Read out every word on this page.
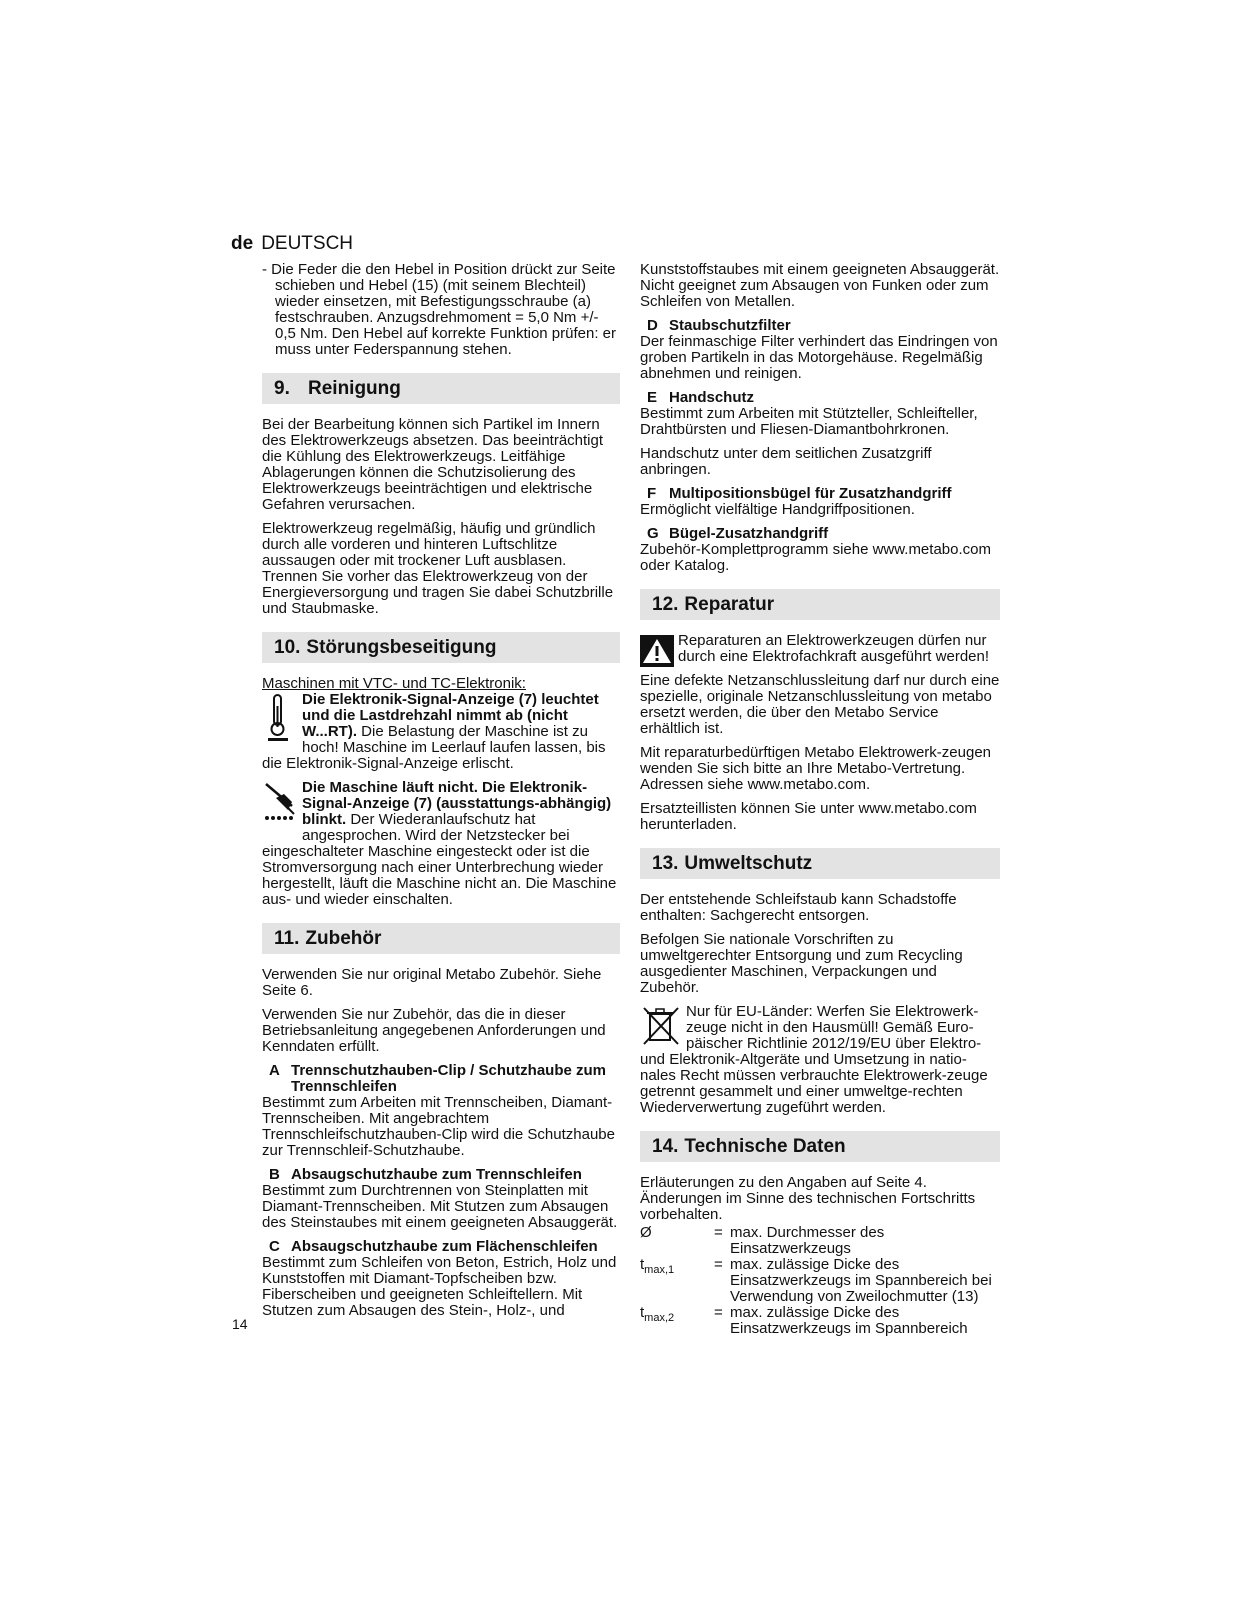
de DEUTSCH

- Die Feder die den Hebel in Position drückt zur Seite schieben und Hebel (15) (mit seinem Blechteil) wieder einsetzen, mit Befestigungsschraube (a) festschrauben. Anzugsdrehmoment = 5,0 Nm +/- 0,5 Nm. Den Hebel auf korrekte Funktion prüfen: er muss unter Federspannung stehen.

9. Reinigung

Bei der Bearbeitung können sich Partikel im Innern des Elektrowerkzeugs absetzen. Das beeinträchtigt die Kühlung des Elektrowerkzeugs. Leitfähige Ablagerungen können die Schutzisolierung des Elektrowerkzeugs beeinträchtigen und elektrische Gefahren verursachen.

Elektrowerkzeug regelmäßig, häufig und gründlich durch alle vorderen und hinteren Luftschlitze aussaugen oder mit trockener Luft ausblasen. Trennen Sie vorher das Elektrowerkzeug von der Energieversorgung und tragen Sie dabei Schutzbrille und Staubmaske.

10. Störungsbeseitigung

Maschinen mit VTC- und TC-Elektronik:

Die Elektronik-Signal-Anzeige (7) leuchtet und die Lastdrehzahl nimmt ab (nicht W...RT). Die Belastung der Maschine ist zu hoch! Maschine im Leerlauf laufen lassen, bis die Elektronik-Signal-Anzeige erlischt.
Die Maschine läuft nicht. Die Elektronik-Signal-Anzeige (7) (ausstattungs-abhängig) blinkt. Der Wiederanlaufschutz hat angesprochen. Wird der Netzstecker bei eingeschalteter Maschine eingesteckt oder ist die Stromversorgung nach einer Unterbrechung wieder hergestellt, läuft die Maschine nicht an. Die Maschine aus- und wieder einschalten.
11. Zubehör

Verwenden Sie nur original Metabo Zubehör. Siehe Seite 6.

Verwenden Sie nur Zubehör, das die in dieser Betriebsanleitung angegebenen Anforderungen und Kenndaten erfüllt.

A Trennschutzhauben-Clip / Schutzhaube zum Trennschleifen

Bestimmt zum Arbeiten mit Trennscheiben, Diamant-Trennscheiben. Mit angebrachtem Trennschleifschutzhauben-Clip wird die Schutzhaube zur Trennschleif-Schutzhaube.

B Absaugschutzhaube zum Trennschleifen

Bestimmt zum Durchtrennen von Steinplatten mit Diamant-Trennscheiben. Mit Stutzen zum Absaugen des Steinstaubes mit einem geeigneten Absauggerät.

C Absaugschutzhaube zum Flächenschleifen

Bestimmt zum Schleifen von Beton, Estrich, Holz und Kunststoffen mit Diamant-Topfscheiben bzw. Fiberscheiben und geeigneten Schleiftellern. Mit Stutzen zum Absaugen des Stein-, Holz-, und

Kunststoffstaubes mit einem geeigneten Absauggerät. Nicht geeignet zum Absaugen von Funken oder zum Schleifen von Metallen.

D Staubschutzfilter

Der feinmaschige Filter verhindert das Eindringen von groben Partikeln in das Motorgehäuse. Regelmäßig abnehmen und reinigen.

E Handschutz

Bestimmt zum Arbeiten mit Stützteller, Schleifteller, Drahtbürsten und Fliesen-Diamantbohrkronen.

Handschutz unter dem seitlichen Zusatzgriff anbringen.

F Multipositionsbügel für Zusatzhandgriff

Ermöglicht vielfältige Handgriffpositionen.

G Bügel-Zusatzhandgriff

Zubehör-Komplettprogramm siehe www.metabo.com oder Katalog.

12. Reparatur

Reparaturen an Elektrowerkzeugen dürfen nur durch eine Elektrofachkraft ausgeführt werden!

Eine defekte Netzanschlussleitung darf nur durch eine spezielle, originale Netzanschlussleitung von metabo ersetzt werden, die über den Metabo Service erhältlich ist.

Mit reparaturbedürftigen Metabo Elektrowerk-zeugen wenden Sie sich bitte an Ihre Metabo-Vertretung. Adressen siehe www.metabo.com.

Ersatzteillisten können Sie unter www.metabo.com herunterladen.

13. Umweltschutz

Der entstehende Schleifstaub kann Schadstoffe enthalten: Sachgerecht entsorgen.

Befolgen Sie nationale Vorschriften zu umweltgerechter Entsorgung und zum Recycling ausgedienter Maschinen, Verpackungen und Zubehör.

Nur für EU-Länder: Werfen Sie Elektrowerk-zeuge nicht in den Hausmüll! Gemäß Euro-päischer Richtlinie 2012/19/EU über Elektro- und Elektronik-Altgeräte und Umsetzung in natio-nales Recht müssen verbrauchte Elektrowerk-zeuge getrennt gesammelt und einer umweltge-rechten Wiederverwertung zugeführt werden.

14. Technische Daten

Erläuterungen zu den Angaben auf Seite 4. Änderungen im Sinne des technischen Fortschritts vorbehalten.

Ø	= max. Durchmesser des Einsatzwerkzeugs
$t_{max,1}$	= max. zulässige Dicke des Einsatzwerkzeugs im Spannbereich bei Verwendung von Zweilochmutter (13)
$t_{max,2}$	= max. zulässige Dicke des Einsatzwerkzeugs im Spannbereich
14
